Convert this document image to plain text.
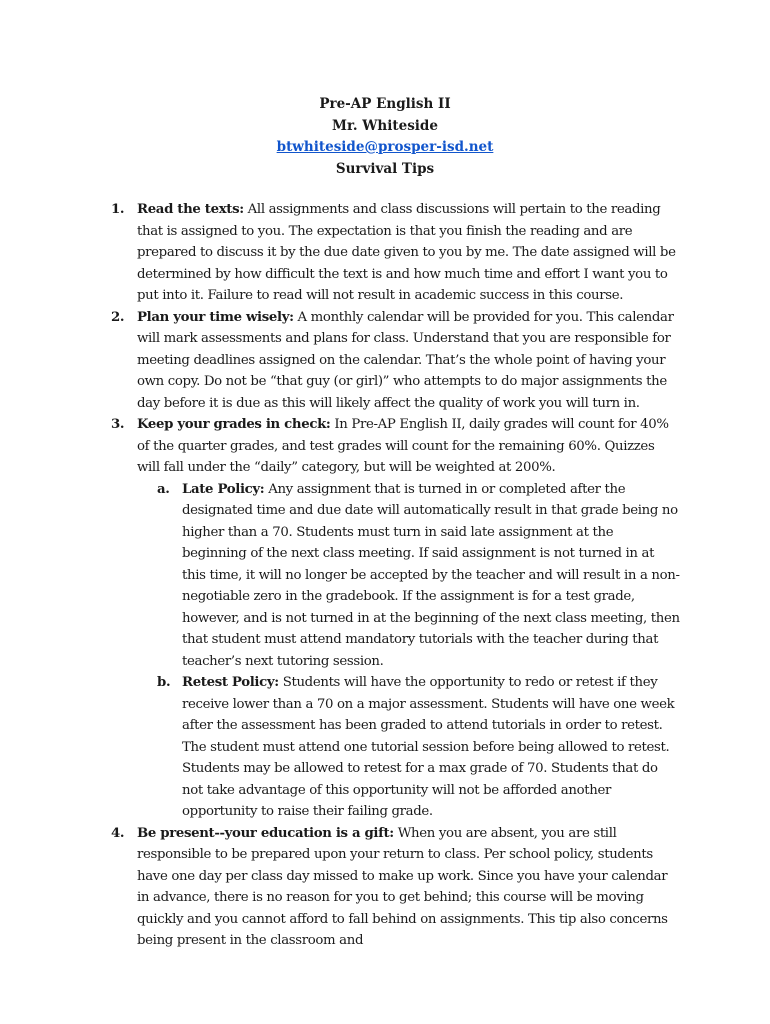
Pre-AP English II
Mr. Whiteside
btwhiteside@prosper-isd.net
Survival Tips
1. Read the texts: All assignments and class discussions will pertain to the reading that is assigned to you. The expectation is that you finish the reading and are prepared to discuss it by the due date given to you by me. The date assigned will be determined by how difficult the text is and how much time and effort I want you to put into it. Failure to read will not result in academic success in this course.
2. Plan your time wisely: A monthly calendar will be provided for you. This calendar will mark assessments and plans for class. Understand that you are responsible for meeting deadlines assigned on the calendar. That’s the whole point of having your own copy. Do not be “that guy (or girl)” who attempts to do major assignments the day before it is due as this will likely affect the quality of work you will turn in.
3. Keep your grades in check: In Pre-AP English II, daily grades will count for 40% of the quarter grades, and test grades will count for the remaining 60%. Quizzes will fall under the “daily” category, but will be weighted at 200%.
a. Late Policy: Any assignment that is turned in or completed after the designated time and due date will automatically result in that grade being no higher than a 70. Students must turn in said late assignment at the beginning of the next class meeting. If said assignment is not turned in at this time, it will no longer be accepted by the teacher and will result in a non-negotiable zero in the gradebook. If the assignment is for a test grade, however, and is not turned in at the beginning of the next class meeting, then that student must attend mandatory tutorials with the teacher during that teacher’s next tutoring session.
b. Retest Policy: Students will have the opportunity to redo or retest if they receive lower than a 70 on a major assessment. Students will have one week after the assessment has been graded to attend tutorials in order to retest. The student must attend one tutorial session before being allowed to retest. Students may be allowed to retest for a max grade of 70. Students that do not take advantage of this opportunity will not be afforded another opportunity to raise their failing grade.
4. Be present--your education is a gift: When you are absent, you are still responsible to be prepared upon your return to class. Per school policy, students have one day per class day missed to make up work. Since you have your calendar in advance, there is no reason for you to get behind; this course will be moving quickly and you cannot afford to fall behind on assignments. This tip also concerns being present in the classroom and
